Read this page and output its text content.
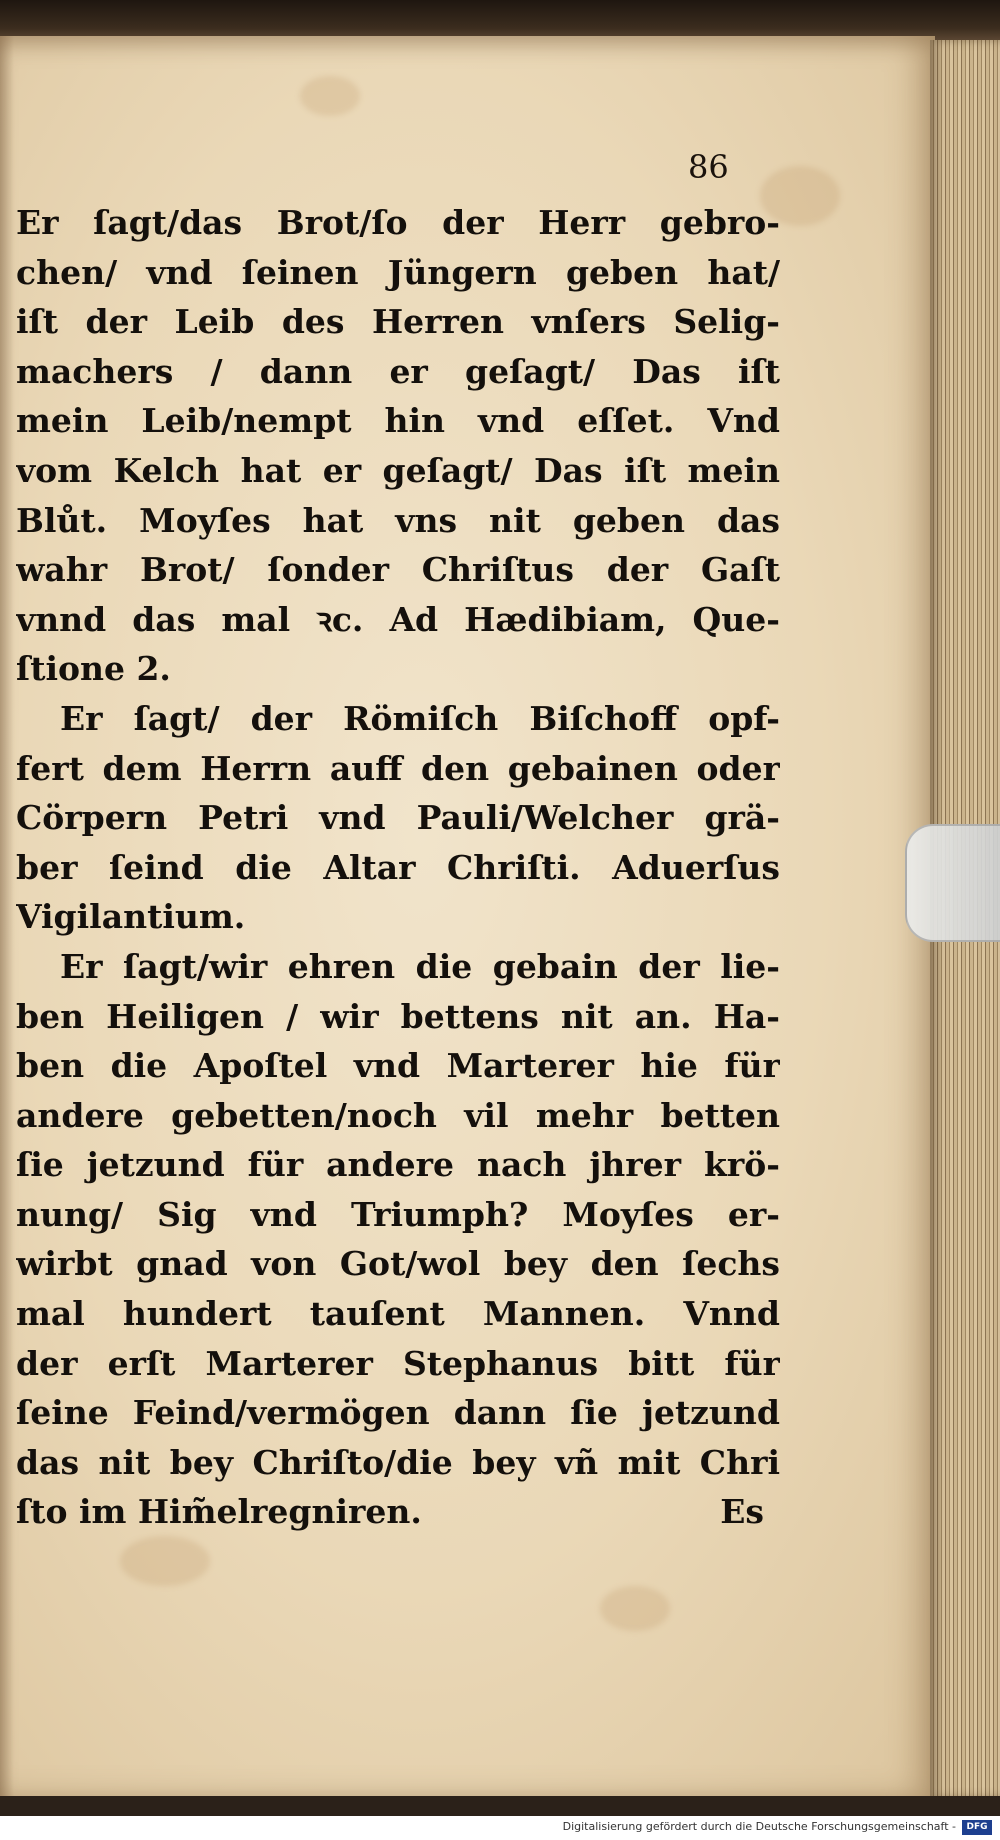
86
Er ſagt/das Brot/ſo der Herr gebro-
chen/ vnd ſeinen Jüngern geben hat/
iſt der Leib des Herren vnſers Selig-
machers / dann er geſagt/ Das iſt
mein Leib/nempt hin vnd eſſet. Vnd
vom Kelch hat er geſagt/ Das iſt mein
Blůt. Moyſes hat vns nit geben das
wahr Brot/ ſonder Chriſtus der Gaſt
vnnd das mal ꝛc. Ad Hædibiam, Que-
ſtione 2.
Er ſagt/ der Römiſch Biſchoff opf-
fert dem Herrn auff den gebainen oder
Cörpern Petri vnd Pauli/Welcher grä-
ber ſeind die Altar Chriſti. Aduerſus
Vigilantium.
Er ſagt/wir ehren die gebain der lie-
ben Heiligen / wir bettens nit an. Ha-
ben die Apoſtel vnd Marterer hie für
andere gebetten/noch vil mehr betten
ſie jetzund für andere nach jhrer krö-
nung/ Sig vnd Triumph? Moyſes er-
wirbt gnad von Got/wol bey den ſechs
mal hundert tauſent Mannen. Vnnd
der erſt Marterer Stephanus bitt für
ſeine Feind/vermögen dann ſie jetzund
das nit bey Chriſto/die bey vñ mit Chri
ſto im Him̃elregniren.	Es
Digitalisierung gefördert durch die Deutsche Forschungsgemeinschaft -	DFG
